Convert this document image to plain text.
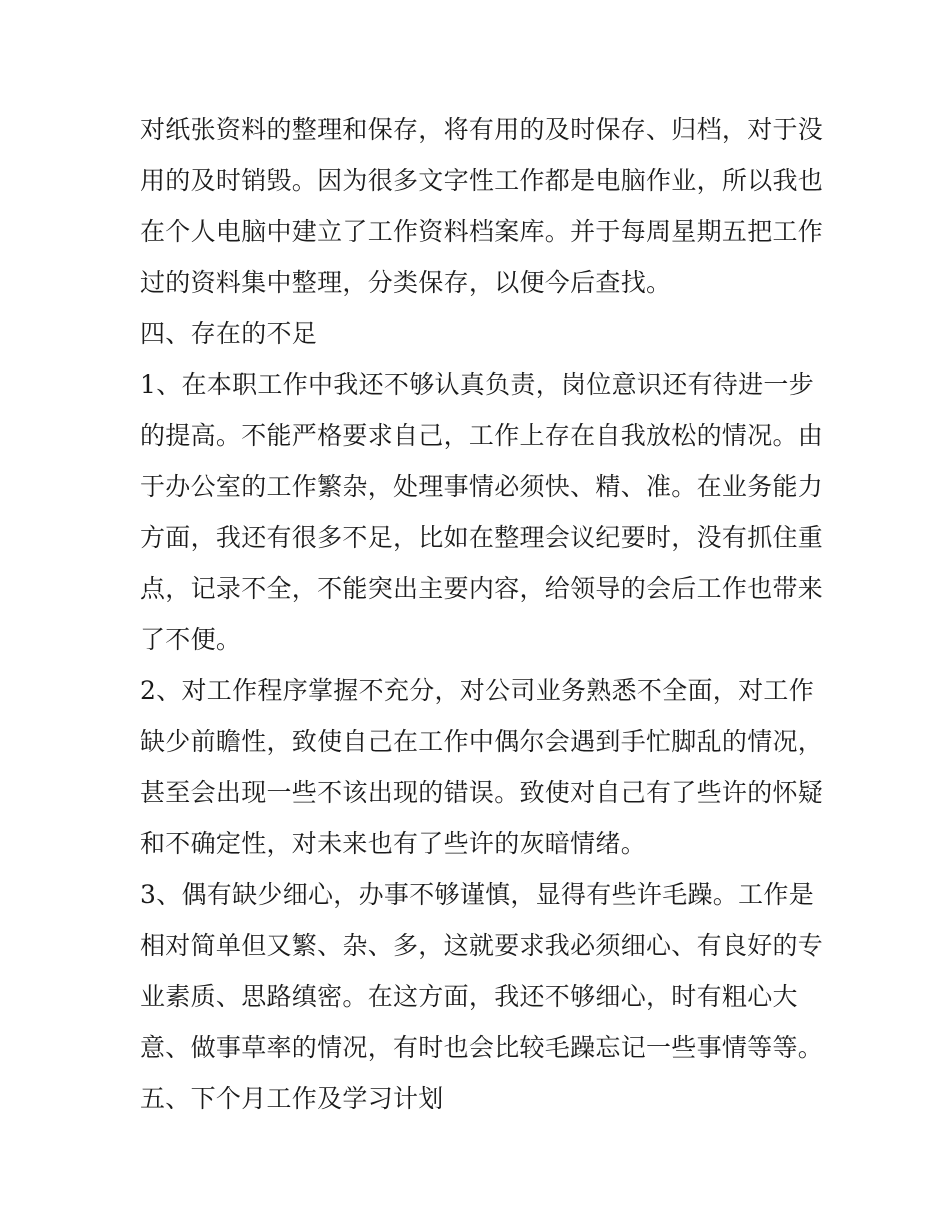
对纸张资料的整理和保存，将有用的及时保存、归档，对于没
用的及时销毁。因为很多文字性工作都是电脑作业，所以我也
在个人电脑中建立了工作资料档案库。并于每周星期五把工作
过的资料集中整理，分类保存，以便今后查找。
四、存在的不足
1、在本职工作中我还不够认真负责，岗位意识还有待进一步
的提高。不能严格要求自己，工作上存在自我放松的情况。由
于办公室的工作繁杂，处理事情必须快、精、准。在业务能力
方面，我还有很多不足，比如在整理会议纪要时，没有抓住重
点，记录不全，不能突出主要内容，给领导的会后工作也带来
了不便。
2、对工作程序掌握不充分，对公司业务熟悉不全面，对工作
缺少前瞻性，致使自己在工作中偶尔会遇到手忙脚乱的情况，
甚至会出现一些不该出现的错误。致使对自己有了些许的怀疑
和不确定性，对未来也有了些许的灰暗情绪。
3、偶有缺少细心，办事不够谨慎，显得有些许毛躁。工作是
相对简单但又繁、杂、多，这就要求我必须细心、有良好的专
业素质、思路缜密。在这方面，我还不够细心，时有粗心大
意、做事草率的情况，有时也会比较毛躁忘记一些事情等等。
五、下个月工作及学习计划
